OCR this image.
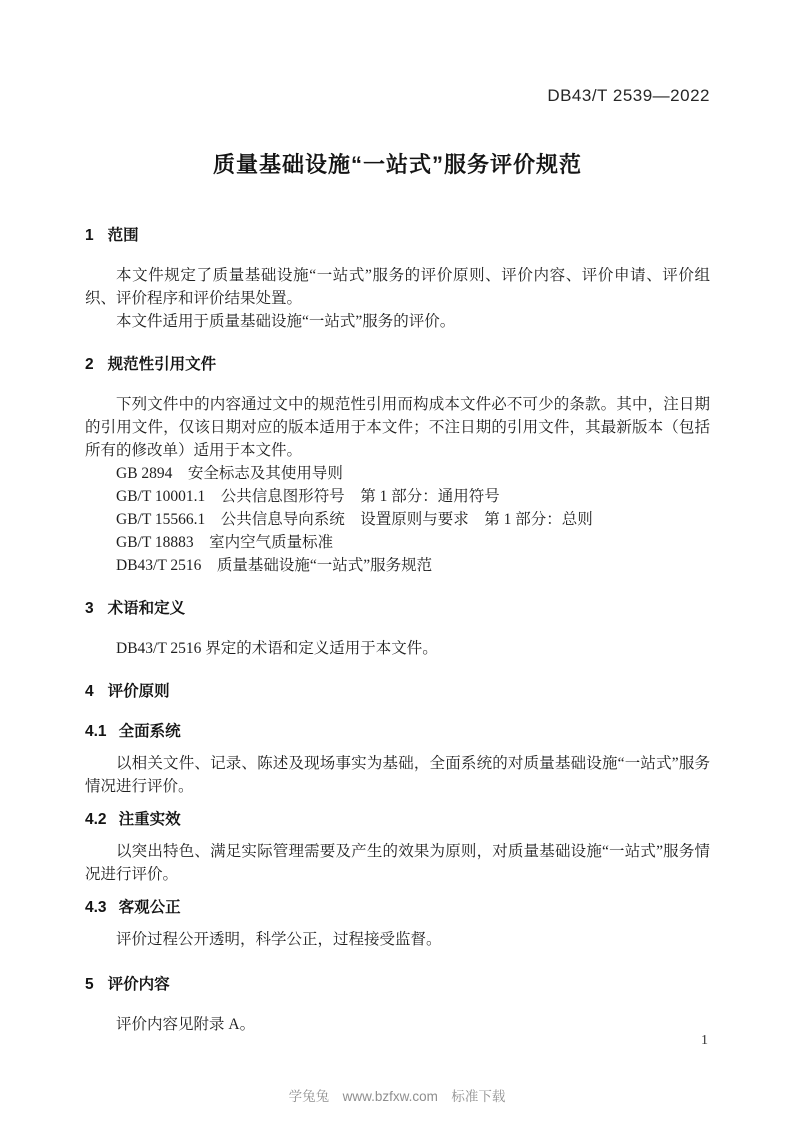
DB43/T 2539—2022
质量基础设施“一站式”服务评价规范
1 范围

本文件规定了质量基础设施“一站式”服务的评价原则、评价内容、评价申请、评价组织、评价程序和评价结果处置。

本文件适用于质量基础设施“一站式”服务的评价。

2 规范性引用文件

下列文件中的内容通过文中的规范性引用而构成本文件必不可少的条款。其中，注日期的引用文件，仅该日期对应的版本适用于本文件；不注日期的引用文件，其最新版本（包括所有的修改单）适用于本文件。

GB 2894　安全标志及其使用导则

GB/T 10001.1　公共信息图形符号　第 1 部分：通用符号

GB/T 15566.1　公共信息导向系统　设置原则与要求　第 1 部分：总则

GB/T 18883　室内空气质量标准

DB43/T 2516　质量基础设施“一站式”服务规范

3 术语和定义

DB43/T 2516 界定的术语和定义适用于本文件。

4 评价原则
4.1 全面系统

以相关文件、记录、陈述及现场事实为基础，全面系统的对质量基础设施“一站式”服务情况进行评价。

4.2 注重实效

以突出特色、满足实际管理需要及产生的效果为原则，对质量基础设施“一站式”服务情况进行评价。

4.3 客观公正

评价过程公开透明，科学公正，过程接受监督。

5 评价内容

评价内容见附录 A。

1
学兔兔　www.bzfxw.com　标准下载
